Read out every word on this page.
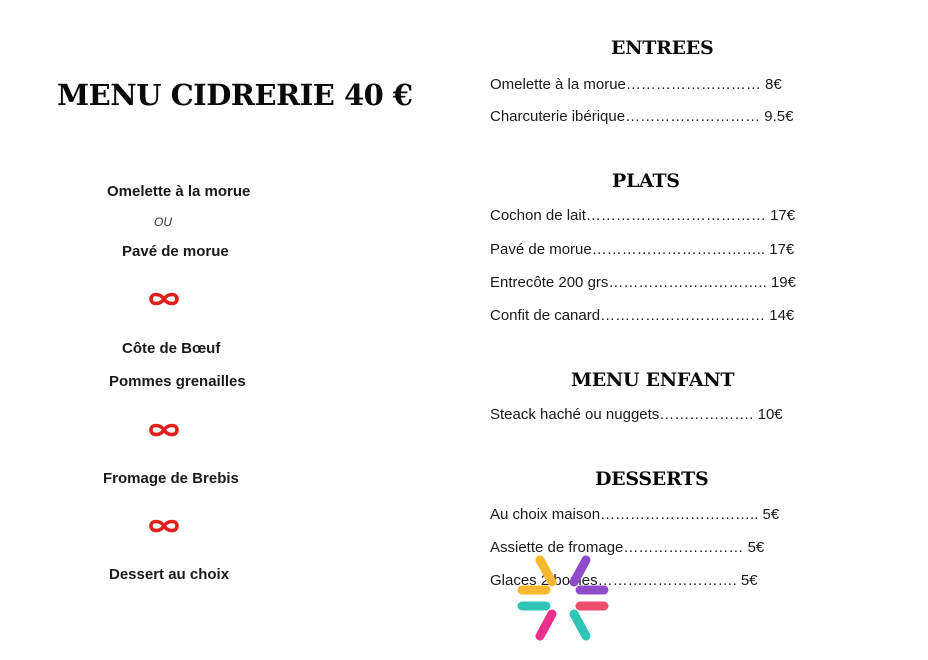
MENU CIDRERIE 40 €
Omelette à la morue
OU
Pavé de morue
Côte de Bœuf
Pommes grenailles
Fromage de Brebis
Dessert au choix
ENTREES
Omelette à la morue……………………… 8€
Charcuterie ibérique……………………… 9.5€
PLATS
Cochon de lait……………………………… 17€
Pavé de morue…………………………….. 17€
Entrecôte 200 grs………………………….. 19€
Confit de canard…………………………… 14€
MENU ENFANT
Steack haché ou nuggets………………. 10€
DESSERTS
Au choix maison………………………….. 5€
Assiette de fromage…………………… 5€
Glaces 2 boules………………………. 5€
